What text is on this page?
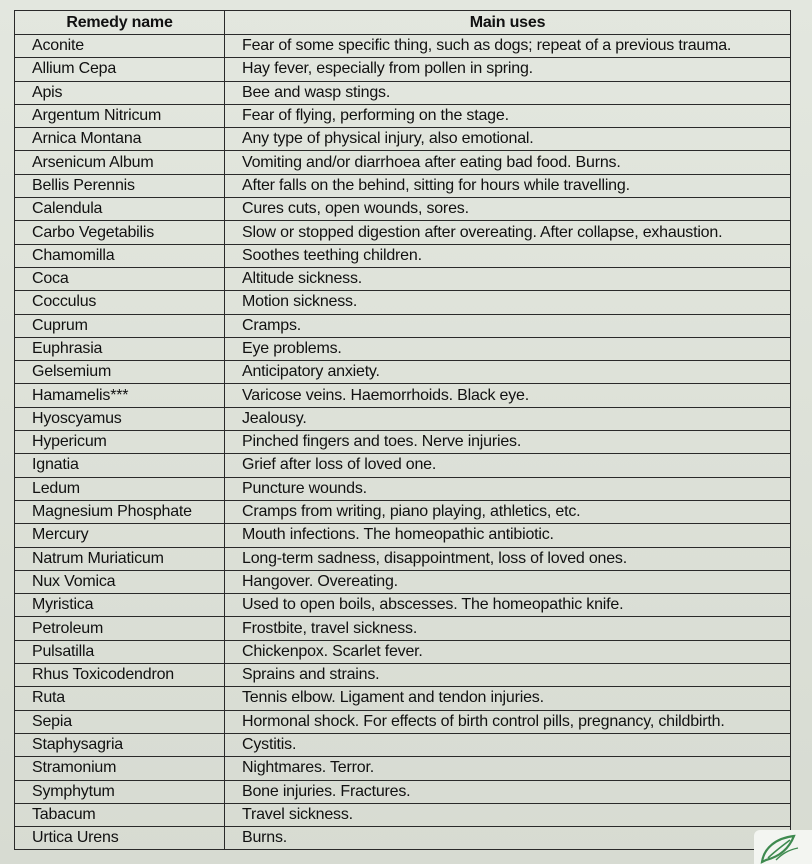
Remedy name	Main uses
Aconite	Fear of some specific thing, such as dogs; repeat of a previous trauma.
Allium Cepa	Hay fever, especially from pollen in spring.
Apis	Bee and wasp stings.
Argentum Nitricum	Fear of flying, performing on the stage.
Arnica Montana	Any type of physical injury, also emotional.
Arsenicum Album	Vomiting and/or diarrhoea after eating bad food. Burns.
Bellis Perennis	After falls on the behind, sitting for hours while travelling.
Calendula	Cures cuts, open wounds, sores.
Carbo Vegetabilis	Slow or stopped digestion after overeating. After collapse, exhaustion.
Chamomilla	Soothes teething children.
Coca	Altitude sickness.
Cocculus	Motion sickness.
Cuprum	Cramps.
Euphrasia	Eye problems.
Gelsemium	Anticipatory anxiety.
Hamamelis***	Varicose veins. Haemorrhoids. Black eye.
Hyoscyamus	Jealousy.
Hypericum	Pinched fingers and toes. Nerve injuries.
Ignatia	Grief after loss of loved one.
Ledum	Puncture wounds.
Magnesium Phosphate	Cramps from writing, piano playing, athletics, etc.
Mercury	Mouth infections. The homeopathic antibiotic.
Natrum Muriaticum	Long-term sadness, disappointment, loss of loved ones.
Nux Vomica	Hangover. Overeating.
Myristica	Used to open boils, abscesses. The homeopathic knife.
Petroleum	Frostbite, travel sickness.
Pulsatilla	Chickenpox. Scarlet fever.
Rhus Toxicodendron	Sprains and strains.
Ruta	Tennis elbow. Ligament and tendon injuries.
Sepia	Hormonal shock. For effects of birth control pills, pregnancy, childbirth.
Staphysagria	Cystitis.
Stramonium	Nightmares. Terror.
Symphytum	Bone injuries. Fractures.
Tabacum	Travel sickness.
Urtica Urens	Burns.
